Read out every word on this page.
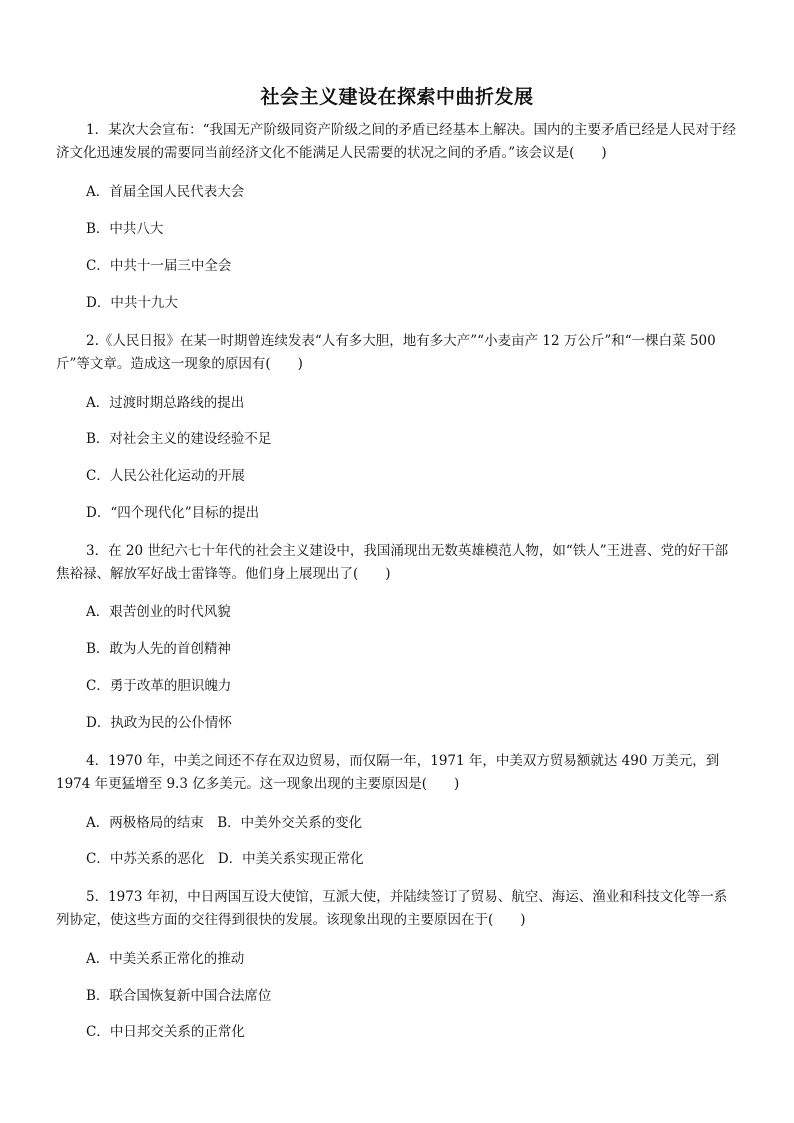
社会主义建设在探索中曲折发展
1．某次大会宣布：“我国无产阶级同资产阶级之间的矛盾已经基本上解决。国内的主要矛盾已经是人民对于经济文化迅速发展的需要同当前经济文化不能满足人民需要的状况之间的矛盾。”该会议是(　　)
A．首届全国人民代表大会
B．中共八大
C．中共十一届三中全会
D．中共十九大
2.《人民日报》在某一时期曾连续发表“人有多大胆，地有多大产”“小麦亩产 12 万公斤”和“一棵白菜 500 斤”等文章。造成这一现象的原因有(　　)
A．过渡时期总路线的提出
B．对社会主义的建设经验不足
C．人民公社化运动的开展
D．“四个现代化”目标的提出
3．在 20 世纪六七十年代的社会主义建设中，我国涌现出无数英雄模范人物，如“铁人”王进喜、党的好干部焦裕禄、解放军好战士雷锋等。他们身上展现出了(　　)
A．艰苦创业的时代风貌
B．敢为人先的首创精神
C．勇于改革的胆识魄力
D．执政为民的公仆情怀
4．1970 年，中美之间还不存在双边贸易，而仅隔一年，1971 年，中美双方贸易额就达 490 万美元，到 1974 年更猛增至 9.3 亿多美元。这一现象出现的主要原因是(　　)
A．两极格局的结束　B．中美外交关系的变化
C．中苏关系的恶化　D．中美关系实现正常化
5．1973 年初，中日两国互设大使馆，互派大使，并陆续签订了贸易、航空、海运、渔业和科技文化等一系列协定，使这些方面的交往得到很快的发展。该现象出现的主要原因在于(　　)
A．中美关系正常化的推动
B．联合国恢复新中国合法席位
C．中日邦交关系的正常化
